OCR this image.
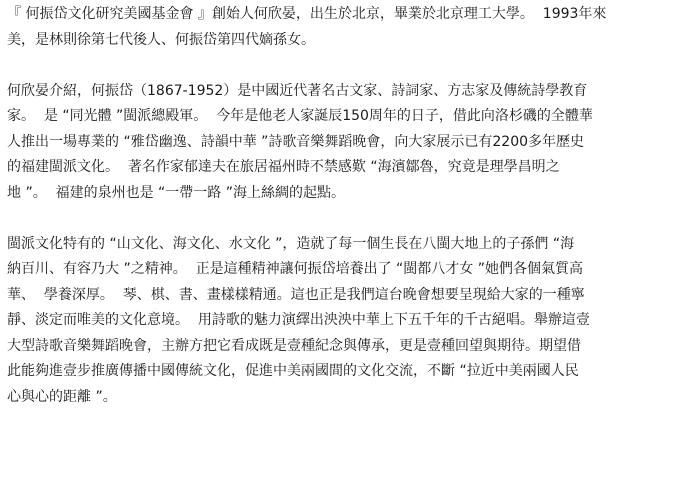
『 何振岱文化研究美國基金會 』創始人何欣晏，出生於北京，畢業於北京理工大學。  1993年來
美，是林則徐第七代後人、何振岱第四代嫡孫女。
何欣晏介紹，何振岱（1867-1952）是中國近代著名古文家、詩詞家、方志家及傳統詩學教育
家。  是 “同光體 ”閩派總殿軍。  今年是他老人家誕辰150周年的日子，借此向洛杉磯的全體華
人推出一場專業的 “雅岱幽逸、詩韻中華 ”詩歌音樂舞蹈晚會，向大家展示已有2200多年歷史
的福建閩派文化。  著名作家郁達夫在旅居福州時不禁感歎 “海濱鄒魯，究竟是理學昌明之
地 ”。  福建的泉州也是 “一帶一路 ”海上絲綢的起點。
閩派文化特有的 “山文化、海文化、水文化 ”，造就了每一個生長在八閩大地上的子孫們 “海
納百川、有容乃大 ”之精神。  正是這種精神讓何振岱培養出了 “閩都八才女 ”她們各個氣質高
華、  學養深厚。  琴、棋、書、畫樣樣精通。這也正是我們這台晚會想要呈現給大家的一種寧
靜、淡定而唯美的文化意境。  用詩歌的魅力演繹出泱泱中華上下五千年的千古絕唱。舉辦這壹
大型詩歌音樂舞蹈晚會，主辦方把它看成既是壹種紀念與傳承，更是壹種回望與期待。期望借
此能夠進壹步推廣傳播中國傳統文化，促進中美兩國間的文化交流，不斷 “拉近中美兩國人民
心與心的距離 ”。
